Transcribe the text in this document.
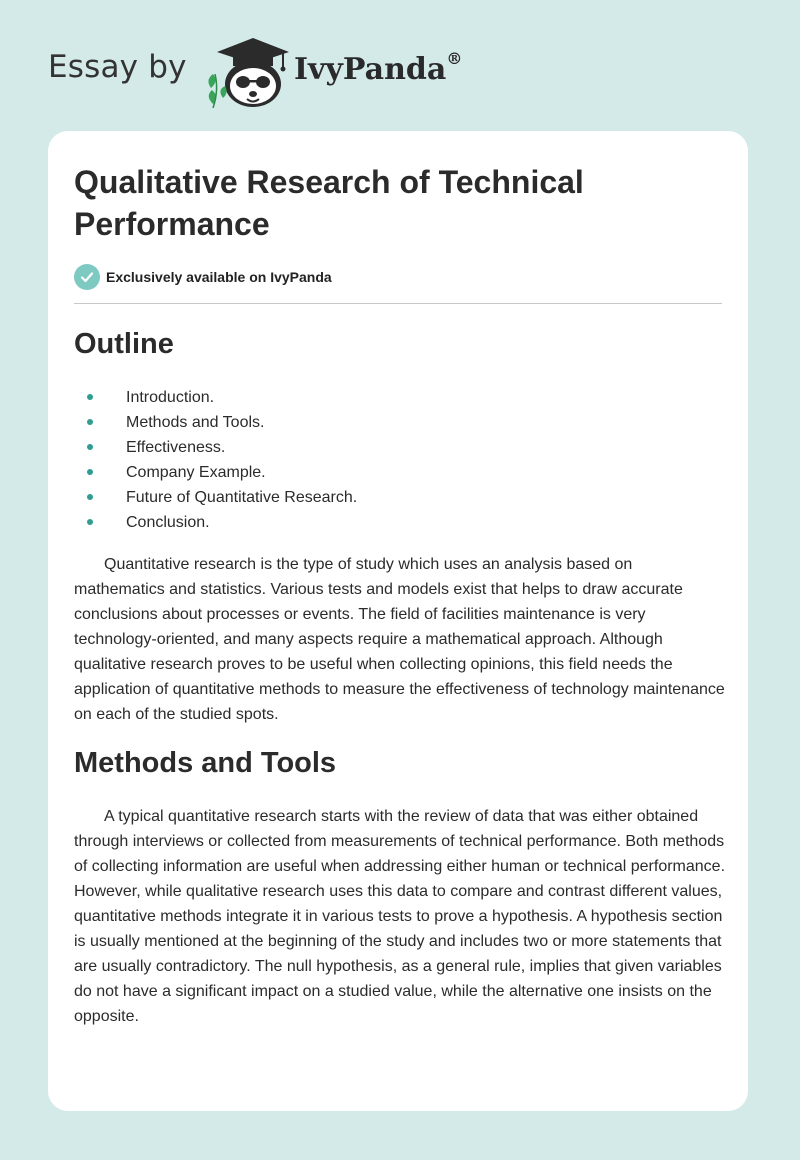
Essay by	IvyPanda®
Qualitative Research of Technical Performance
Exclusively available on IvyPanda
Outline
Introduction.
Methods and Tools.
Effectiveness.
Company Example.
Future of Quantitative Research.
Conclusion.

Quantitative research is the type of study which uses an analysis based on mathematics and statistics. Various tests and models exist that helps to draw accurate conclusions about processes or events. The field of facilities maintenance is very technology-oriented, and many aspects require a mathematical approach. Although qualitative research proves to be useful when collecting opinions, this field needs the application of quantitative methods to measure the effectiveness of technology maintenance on each of the studied spots.

Methods and Tools

A typical quantitative research starts with the review of data that was either obtained through interviews or collected from measurements of technical performance. Both methods of collecting information are useful when addressing either human or technical performance. However, while qualitative research uses this data to compare and contrast different values, quantitative methods integrate it in various tests to prove a hypothesis. A hypothesis section is usually mentioned at the beginning of the study and includes two or more statements that are usually contradictory. The null hypothesis, as a general rule, implies that given variables do not have a significant impact on a studied value, while the alternative one insists on the opposite.
